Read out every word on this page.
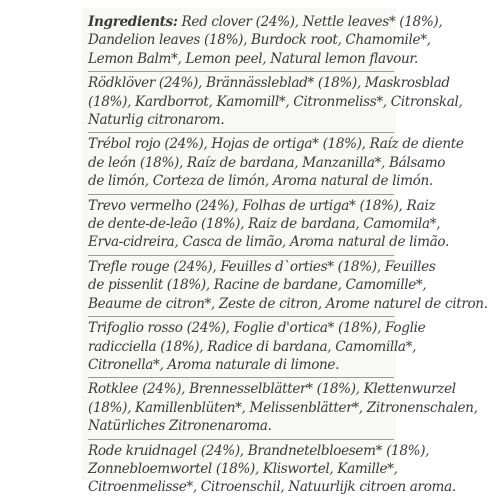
Ingredients: Red clover (24%), Nettle leaves* (18%),
Dandelion leaves (18%), Burdock root, Chamomile*,
Lemon Balm*, Lemon peel, Natural lemon flavour.
Rödklöver (24%), Brännässleblad* (18%), Maskrosblad
(18%), Kardborrot, Kamomill*, Citronmeliss*, Citronskal,
Naturlig citronarom.
Trébol rojo (24%), Hojas de ortiga* (18%), Raíz de diente
de león (18%), Raíz de bardana, Manzanilla*, Bálsamo
de limón, Corteza de limón, Aroma natural de limón.
Trevo vermelho (24%), Folhas de urtiga* (18%), Raiz
de dente-de-leão (18%), Raiz de bardana, Camomila*,
Erva-cidreira, Casca de limão, Aroma natural de limão.
Trefle rouge (24%), Feuilles d`orties* (18%), Feuilles
de pissenlit (18%), Racine de bardane, Camomille*,
Beaume de citron*, Zeste de citron, Arome naturel de citron.
Trifoglio rosso (24%), Foglie d'ortica* (18%), Foglie
radicciella (18%), Radice di bardana, Camomilla*,
Citronella*, Aroma naturale di limone.
Rotklee (24%), Brennesselblätter* (18%), Klettenwurzel
(18%), Kamillenblüten*, Melissenblätter*, Zitronenschalen,
Natürliches Zitronenaroma.
Rode kruidnagel (24%), Brandnetelbloesem* (18%),
Zonnebloemwortel (18%), Kliswortel, Kamille*,
Citroenmelisse*, Citroenschil, Natuurlijk citroen aroma.
